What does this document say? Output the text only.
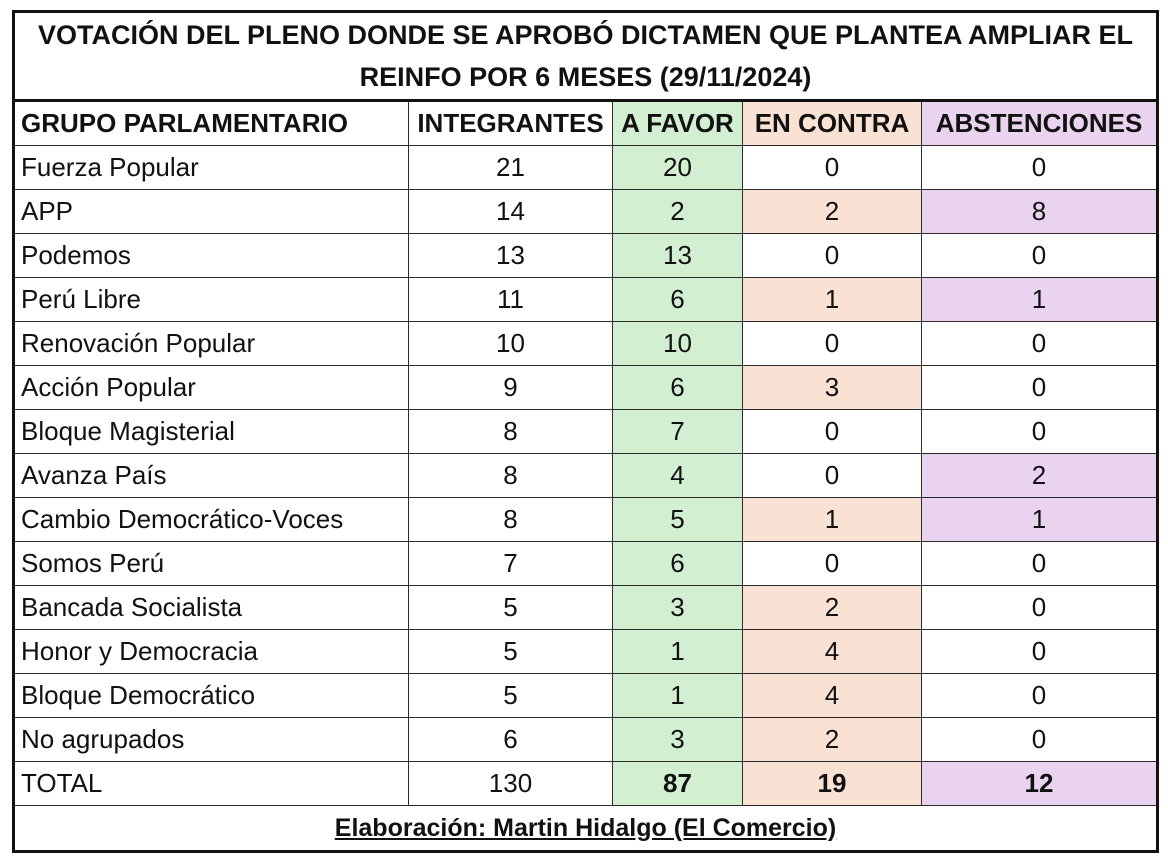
VOTACIÓN DEL PLENO DONDE SE APROBÓ DICTAMEN QUE PLANTEA AMPLIAR EL REINFO POR 6 MESES (29/11/2024)				
GRUPO PARLAMENTARIO	INTEGRANTES	A FAVOR	EN CONTRA	ABSTENCIONES
Fuerza Popular	21	20	0	0
APP	14	2	2	8
Podemos	13	13	0	0
Perú Libre	11	6	1	1
Renovación Popular	10	10	0	0
Acción Popular	9	6	3	0
Bloque Magisterial	8	7	0	0
Avanza País	8	4	0	2
Cambio Democrático-Voces	8	5	1	1
Somos Perú	7	6	0	0
Bancada Socialista	5	3	2	0
Honor y Democracia	5	1	4	0
Bloque Democrático	5	1	4	0
No agrupados	6	3	2	0
TOTAL	130	87	19	12
Elaboración: Martin Hidalgo (El Comercio)				
